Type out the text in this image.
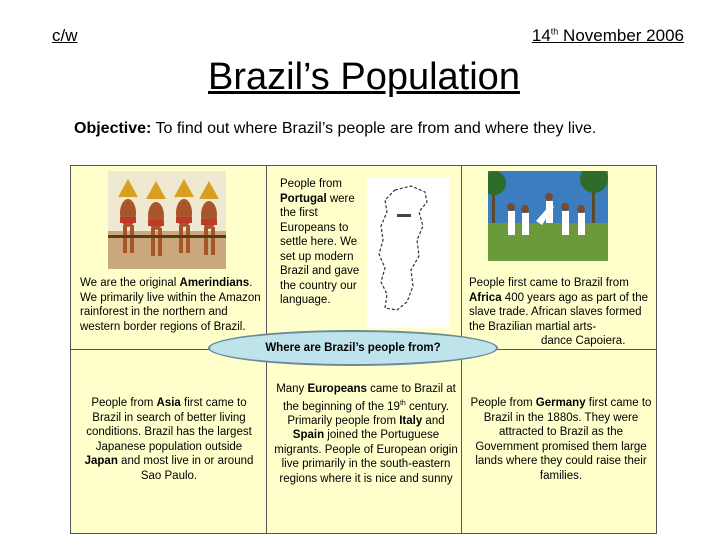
c/w	14th November 2006
Brazil’s Population
Objective: To find out where Brazil’s people are from and where they live.
We are the original Amerindians. We primarily live within the Amazon rainforest in the northern and western border regions of Brazil.
People from Portugal were the first Europeans to settle here. We set up modern Brazil and gave the country our language.
People first came to Brazil from Africa 400 years ago as part of the slave trade. African slaves formed the Brazilian martial arts-

dance Capoiera.
People from Asia first came to Brazil in search of better living conditions. Brazil has the largest Japanese population outside Japan and most live in or around Sao Paulo.
Many Europeans came to Brazil at the beginning of the 19th century. Primarily people from Italy and Spain joined the Portuguese migrants. People of European origin live primarily in the south-eastern regions where it is nice and sunny
People from Germany first came to Brazil in the 1880s. They were attracted to Brazil as the Government promised them large lands where they could raise their families.
Where are Brazil’s people from?
